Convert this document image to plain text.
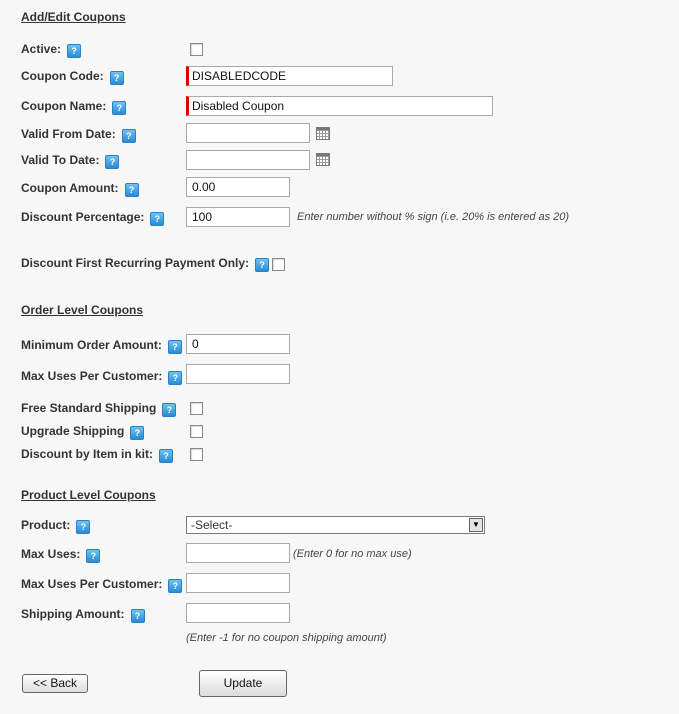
Add/Edit Coupons
Active: ?
Coupon Code: ?	DISABLEDCODE
Coupon Name: ?	Disabled Coupon
Valid From Date: ?
Valid To Date: ?
Coupon Amount: ?	0.00
Discount Percentage: ?	100	Enter number without % sign (i.e. 20% is entered as 20)
Discount First Recurring Payment Only: ?
Order Level Coupons
Minimum Order Amount: ?	0
Max Uses Per Customer: ?
Free Standard Shipping ?
Upgrade Shipping ?
Discount by Item in kit: ?
Product Level Coupons
Product: ?	-Select-	▼
Max Uses: ?	(Enter 0 for no max use)
Max Uses Per Customer: ?
Shipping Amount: ?
(Enter -1 for no coupon shipping amount)
<< Back	Update
